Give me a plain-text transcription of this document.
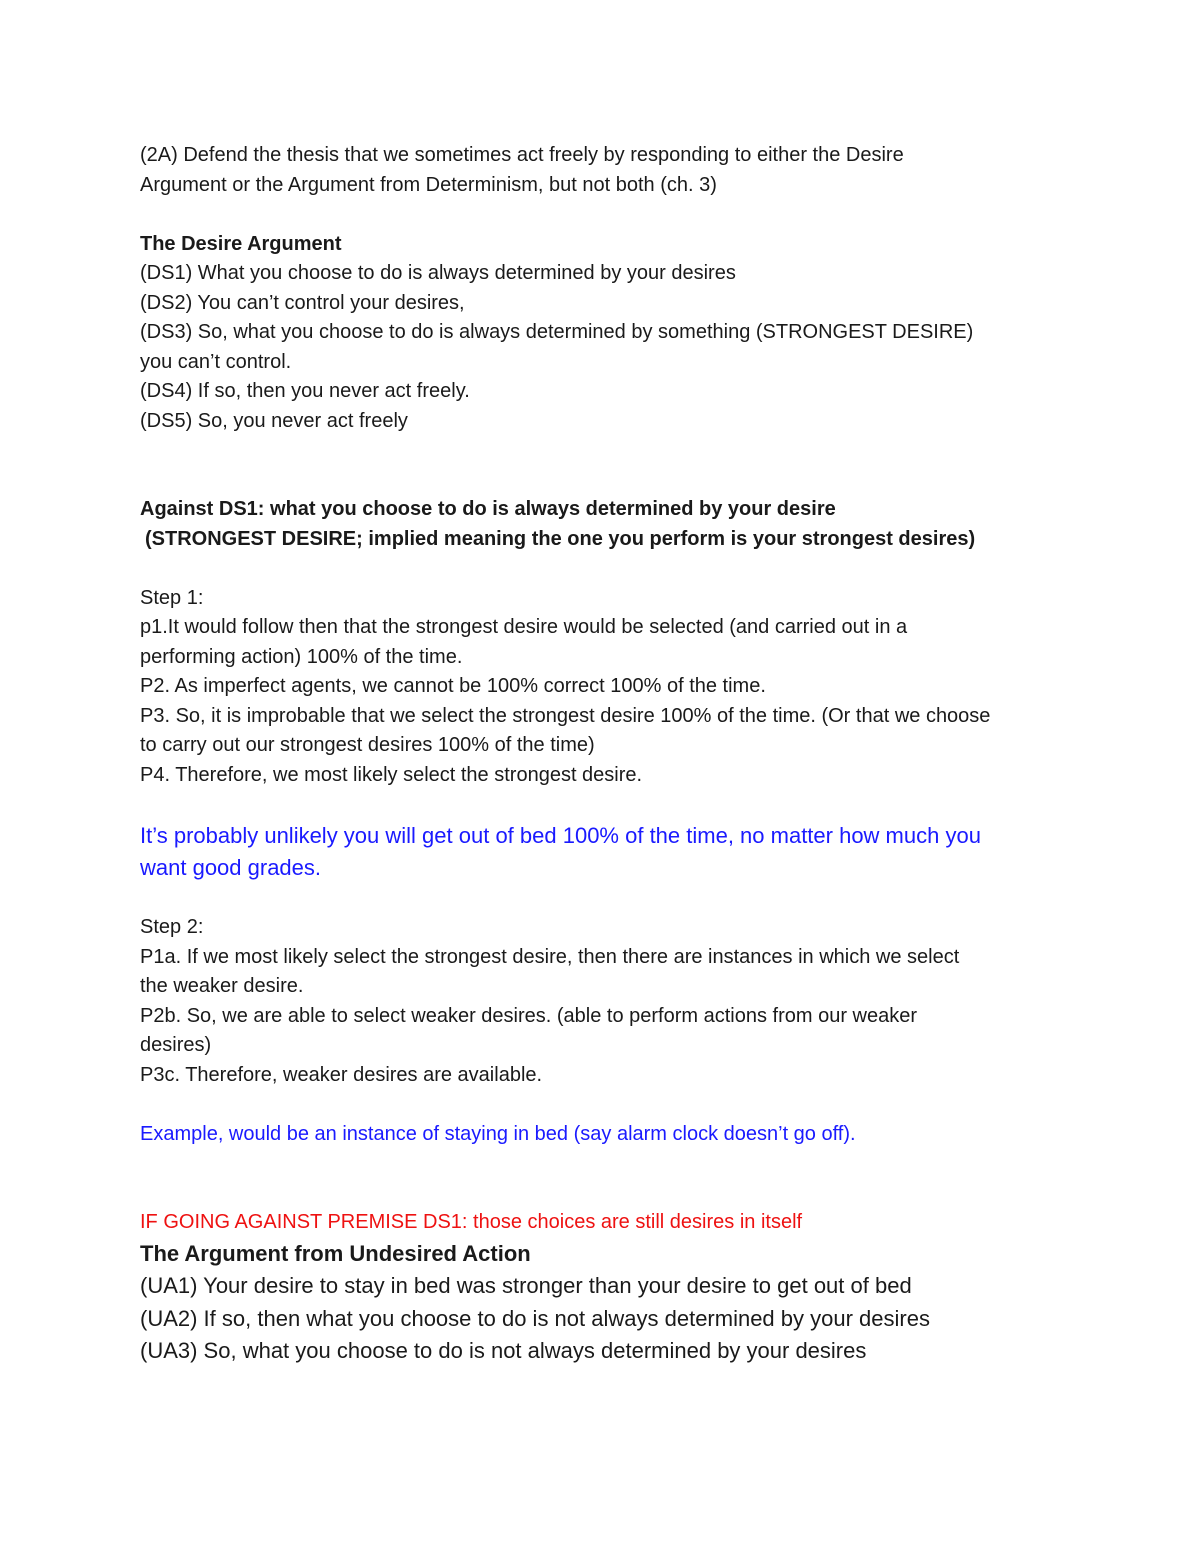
(2A) Defend the thesis that we sometimes act freely by responding to either the Desire

Argument or the Argument from Determinism, but not both (ch. 3)

The Desire Argument

(DS1) What you choose to do is always determined by your desires

(DS2) You can’t control your desires,

(DS3) So, what you choose to do is always determined by something (STRONGEST DESIRE)

you can’t control.

(DS4) If so, then you never act freely.

(DS5) So, you never act freely

Against DS1: what you choose to do is always determined by your desire

(STRONGEST DESIRE; implied meaning the one you perform is your strongest desires)

Step 1:

p1.It would follow then that the strongest desire would be selected (and carried out in a

performing action) 100% of the time.

P2. As imperfect agents, we cannot be 100% correct 100% of the time.

P3. So, it is improbable that we select the strongest desire 100% of the time. (Or that we choose

to carry out our strongest desires 100% of the time)

P4. Therefore, we most likely select the strongest desire.

It’s probably unlikely you will get out of bed 100% of the time, no matter how much you

want good grades.

Step 2:

P1a. If we most likely select the strongest desire, then there are instances in which we select

the weaker desire.

P2b. So, we are able to select weaker desires. (able to perform actions from our weaker

desires)

P3c. Therefore, weaker desires are available.

Example, would be an instance of staying in bed (say alarm clock doesn’t go off).

IF GOING AGAINST PREMISE DS1: those choices are still desires in itself

The Argument from Undesired Action

(UA1) Your desire to stay in bed was stronger than your desire to get out of bed

(UA2) If so, then what you choose to do is not always determined by your desires

(UA3) So, what you choose to do is not always determined by your desires
